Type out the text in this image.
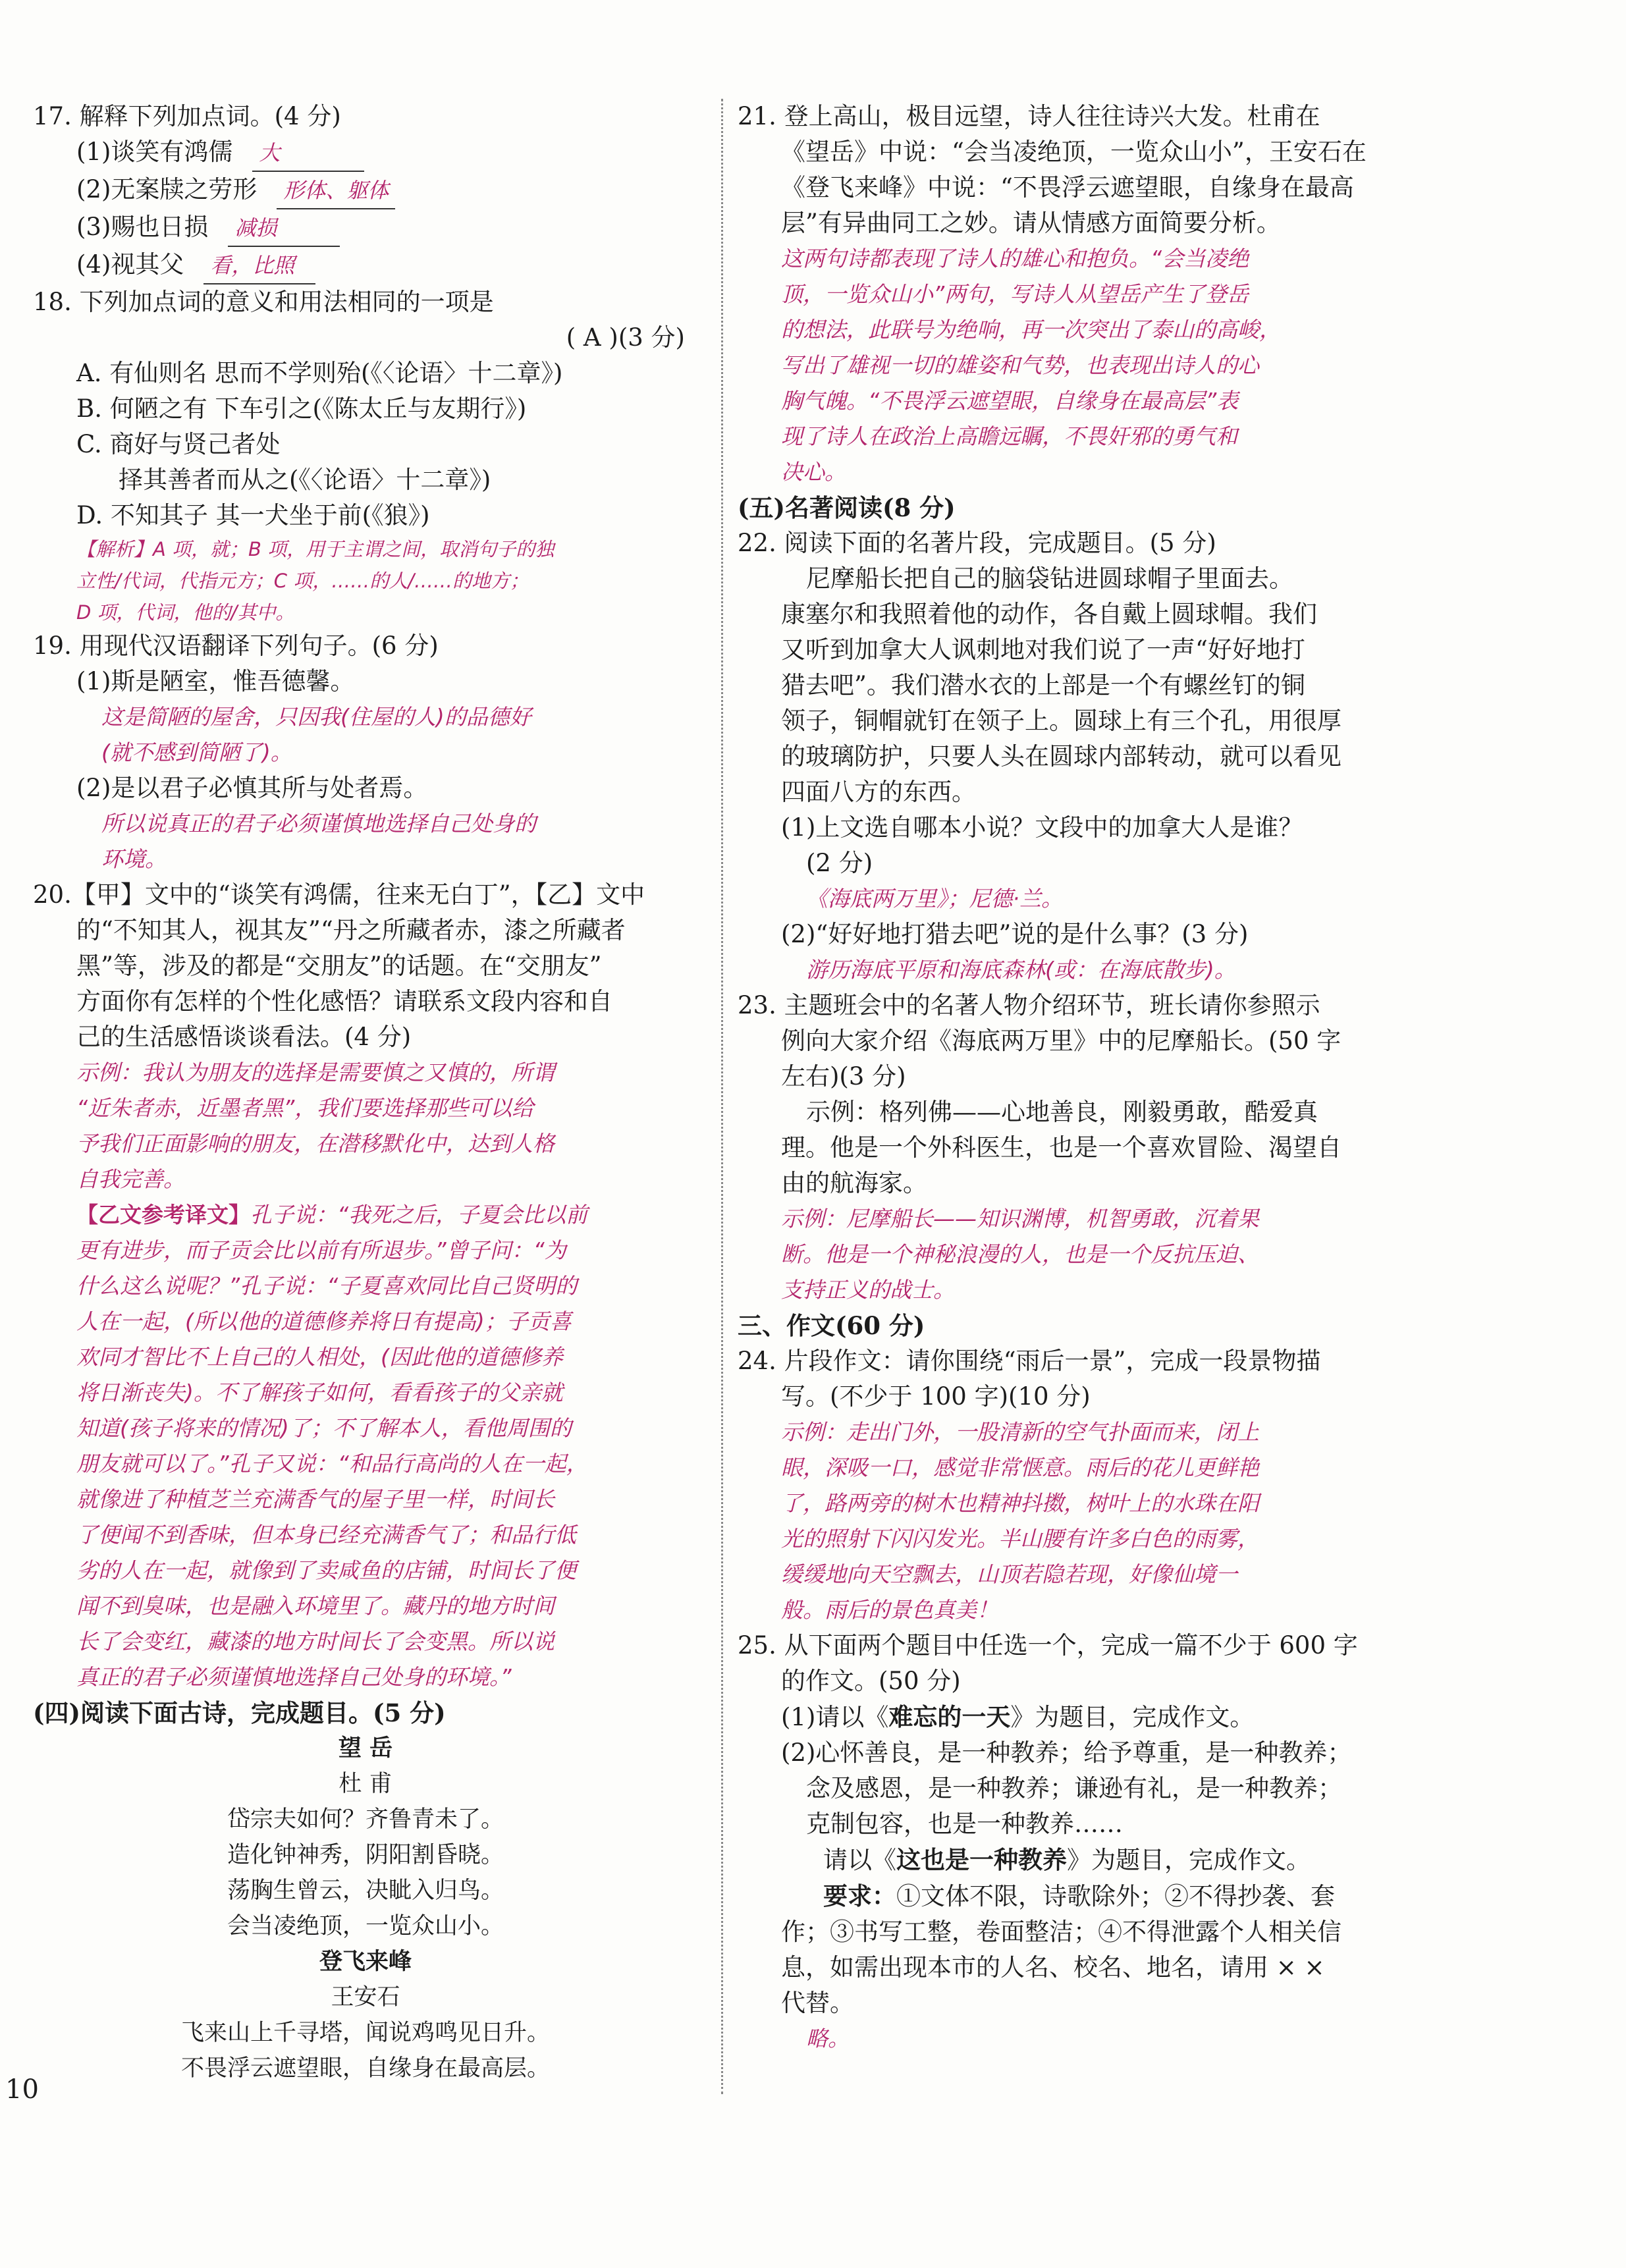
17. 解释下列加点词。(4 分)
(1)谈笑有鸿儒 大
(2)无案牍之劳形 形体、躯体
(3)赐也日损 减损
(4)视其父 看，比照
18. 下列加点词的意义和用法相同的一项是
( A )(3 分)
A. 有仙则名 思而不学则殆(《〈论语〉十二章》)
B. 何陋之有 下车引之(《陈太丘与友期行》)
C. 商好与贤己者处
择其善者而从之(《〈论语〉十二章》)
D. 不知其子 其一犬坐于前(《狼》)
【解析】A 项，就；B 项，用于主谓之间，取消句子的独
立性/代词，代指元方；C 项，……的人/……的地方；
D 项，代词，他的/其中。
19. 用现代汉语翻译下列句子。(6 分)
(1)斯是陋室，惟吾德馨。
这是简陋的屋舍，只因我(住屋的人)的品德好
(就不感到简陋了)。
(2)是以君子必慎其所与处者焉。
所以说真正的君子必须谨慎地选择自己处身的
环境。
20.【甲】文中的“谈笑有鸿儒，往来无白丁”，【乙】文中
的“不知其人，视其友”“丹之所藏者赤，漆之所藏者
黑”等，涉及的都是“交朋友”的话题。在“交朋友”
方面你有怎样的个性化感悟？请联系文段内容和自
己的生活感悟谈谈看法。(4 分)
示例：我认为朋友的选择是需要慎之又慎的，所谓
“近朱者赤，近墨者黑”，我们要选择那些可以给
予我们正面影响的朋友，在潜移默化中，达到人格
自我完善。
【乙文参考译文】孔子说：“我死之后，子夏会比以前
更有进步，而子贡会比以前有所退步。”曾子问：“为
什么这么说呢？”孔子说：“子夏喜欢同比自己贤明的
人在一起，(所以他的道德修养将日有提高)；子贡喜
欢同才智比不上自己的人相处，(因此他的道德修养
将日渐丧失)。不了解孩子如何，看看孩子的父亲就
知道(孩子将来的情况)了；不了解本人，看他周围的
朋友就可以了。”孔子又说：“和品行高尚的人在一起，
就像进了种植芝兰充满香气的屋子里一样，时间长
了便闻不到香味，但本身已经充满香气了；和品行低
劣的人在一起，就像到了卖咸鱼的店铺，时间长了便
闻不到臭味，也是融入环境里了。藏丹的地方时间
长了会变红，藏漆的地方时间长了会变黑。所以说
真正的君子必须谨慎地选择自己处身的环境。”
(四)阅读下面古诗，完成题目。(5 分)
望 岳
杜 甫
岱宗夫如何？齐鲁青未了。
造化钟神秀，阴阳割昏晓。
荡胸生曾云，决眦入归鸟。
会当凌绝顶，一览众山小。
登飞来峰
王安石
飞来山上千寻塔，闻说鸡鸣见日升。
不畏浮云遮望眼，自缘身在最高层。
21. 登上高山，极目远望，诗人往往诗兴大发。杜甫在
《望岳》中说：“会当凌绝顶，一览众山小”，王安石在
《登飞来峰》中说：“不畏浮云遮望眼，自缘身在最高
层”有异曲同工之妙。请从情感方面简要分析。
这两句诗都表现了诗人的雄心和抱负。“会当凌绝
顶，一览众山小”两句，写诗人从望岳产生了登岳
的想法，此联号为绝响，再一次突出了泰山的高峻，
写出了雄视一切的雄姿和气势，也表现出诗人的心
胸气魄。“不畏浮云遮望眼，自缘身在最高层”表
现了诗人在政治上高瞻远瞩，不畏奸邪的勇气和
决心。
(五)名著阅读(8 分)
22. 阅读下面的名著片段，完成题目。(5 分)
尼摩船长把自己的脑袋钻进圆球帽子里面去。
康塞尔和我照着他的动作，各自戴上圆球帽。我们
又听到加拿大人讽刺地对我们说了一声“好好地打
猎去吧”。我们潜水衣的上部是一个有螺丝钉的铜
领子，铜帽就钉在领子上。圆球上有三个孔，用很厚
的玻璃防护，只要人头在圆球内部转动，就可以看见
四面八方的东西。
(1)上文选自哪本小说？文段中的加拿大人是谁？
(2 分)
《海底两万里》；尼德·兰。
(2)“好好地打猎去吧”说的是什么事？(3 分)
游历海底平原和海底森林(或：在海底散步)。
23. 主题班会中的名著人物介绍环节，班长请你参照示
例向大家介绍《海底两万里》中的尼摩船长。(50 字
左右)(3 分)
示例：格列佛——心地善良，刚毅勇敢，酷爱真
理。他是一个外科医生，也是一个喜欢冒险、渴望自
由的航海家。
示例：尼摩船长——知识渊博，机智勇敢，沉着果
断。他是一个神秘浪漫的人，也是一个反抗压迫、
支持正义的战士。
三、作文(60 分)
24. 片段作文：请你围绕“雨后一景”，完成一段景物描
写。(不少于 100 字)(10 分)
示例：走出门外，一股清新的空气扑面而来，闭上
眼，深吸一口，感觉非常惬意。雨后的花儿更鲜艳
了，路两旁的树木也精神抖擞，树叶上的水珠在阳
光的照射下闪闪发光。半山腰有许多白色的雨雾，
缓缓地向天空飘去，山顶若隐若现，好像仙境一
般。雨后的景色真美！
25. 从下面两个题目中任选一个，完成一篇不少于 600 字
的作文。(50 分)
(1)请以《难忘的一天》为题目，完成作文。
(2)心怀善良，是一种教养；给予尊重，是一种教养；
念及感恩，是一种教养；谦逊有礼，是一种教养；
克制包容，也是一种教养……
请以《这也是一种教养》为题目，完成作文。
要求：①文体不限，诗歌除外；②不得抄袭、套
作；③书写工整，卷面整洁；④不得泄露个人相关信
息，如需出现本市的人名、校名、地名，请用 × ×
代替。
略。
10
